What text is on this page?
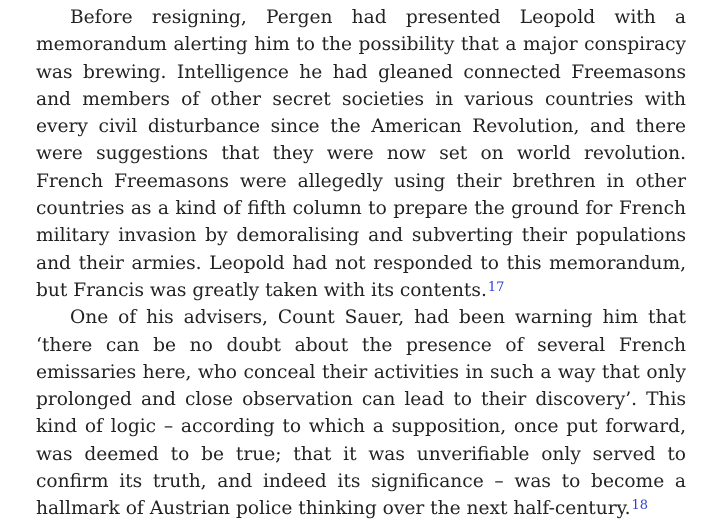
Before resigning, Pergen had presented Leopold with a memorandum alerting him to the possibility that a major conspiracy was brewing. Intelligence he had gleaned connected Freemasons and members of other secret societies in various countries with every civil disturbance since the American Revolution, and there were suggestions that they were now set on world revolution. French Freemasons were allegedly using their brethren in other countries as a kind of fifth column to prepare the ground for French military invasion by demoralising and subverting their populations and their armies. Leopold had not responded to this memorandum, but Francis was greatly taken with its contents.$^{17}$

One of his advisers, Count Sauer, had been warning him that ‘there can be no doubt about the presence of several French emissaries here, who conceal their activities in such a way that only prolonged and close observation can lead to their discovery’. This kind of logic – according to which a supposition, once put forward, was deemed to be true; that it was unverifiable only served to confirm its truth, and indeed its significance – was to become a hallmark of Austrian police thinking over the next half-century.$^{18}$
